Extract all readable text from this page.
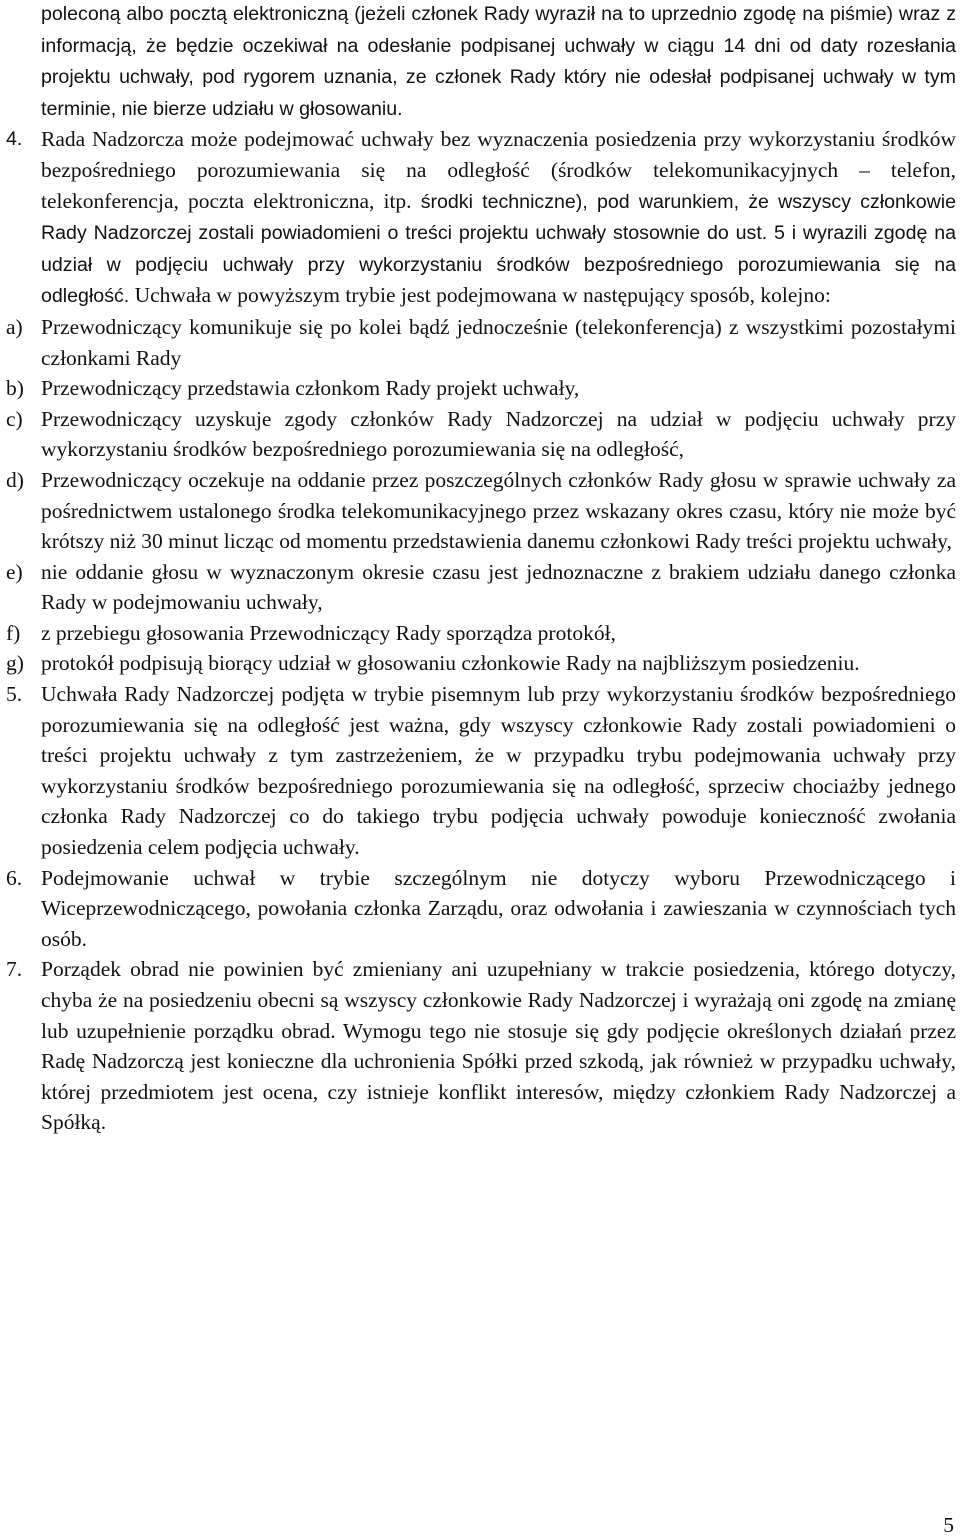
poleconą albo pocztą elektroniczną (jeżeli członek Rady wyraził na to uprzednio zgodę na piśmie) wraz z informacją, że będzie oczekiwał na odesłanie podpisanej uchwały w ciągu 14 dni od daty rozesłania projektu uchwały, pod rygorem uznania, ze członek Rady który nie odesłał podpisanej uchwały w tym terminie, nie bierze udziału w głosowaniu.

4. Rada Nadzorcza może podejmować uchwały bez wyznaczenia posiedzenia przy wykorzystaniu środków bezpośredniego porozumiewania się na odległość (środków telekomunikacyjnych – telefon, telekonferencja, poczta elektroniczna, itp. środki techniczne), pod warunkiem, że wszyscy członkowie Rady Nadzorczej zostali powiadomieni o treści projektu uchwały stosownie do ust. 5 i wyrazili zgodę na udział w podjęciu uchwały przy wykorzystaniu środków bezpośredniego porozumiewania się na odległość. Uchwała w powyższym trybie jest podejmowana w następujący sposób, kolejno:
a) Przewodniczący komunikuje się po kolei bądź jednocześnie (telekonferencja) z wszystkimi pozostałymi członkami Rady
b) Przewodniczący przedstawia członkom Rady projekt uchwały,
c) Przewodniczący uzyskuje zgody członków Rady Nadzorczej na udział w podjęciu uchwały przy wykorzystaniu środków bezpośredniego porozumiewania się na odległość,
d) Przewodniczący oczekuje na oddanie przez poszczególnych członków Rady głosu w sprawie uchwały za pośrednictwem ustalonego środka telekomunikacyjnego przez wskazany okres czasu, który nie może być krótszy niż 30 minut licząc od momentu przedstawienia danemu członkowi Rady treści projektu uchwały,
e) nie oddanie głosu w wyznaczonym okresie czasu jest jednoznaczne z brakiem udziału danego członka Rady w podejmowaniu uchwały,
f) z przebiegu głosowania Przewodniczący Rady sporządza protokół,
g) protokół podpisują biorący udział w głosowaniu członkowie Rady na najbliższym posiedzeniu.
5. Uchwała Rady Nadzorczej podjęta w trybie pisemnym lub przy wykorzystaniu środków bezpośredniego porozumiewania się na odległość jest ważna, gdy wszyscy członkowie Rady zostali powiadomieni o treści projektu uchwały z tym zastrzeżeniem, że w przypadku trybu podejmowania uchwały przy wykorzystaniu środków bezpośredniego porozumiewania się na odległość, sprzeciw chociażby jednego członka Rady Nadzorczej co do takiego trybu podjęcia uchwały powoduje konieczność zwołania posiedzenia celem podjęcia uchwały.
6. Podejmowanie uchwał w trybie szczególnym nie dotyczy wyboru Przewodniczącego i Wiceprzewodniczącego, powołania członka Zarządu, oraz odwołania i zawieszania w czynnościach tych osób.
7. Porządek obrad nie powinien być zmieniany ani uzupełniany w trakcie posiedzenia, którego dotyczy, chyba że na posiedzeniu obecni są wszyscy członkowie Rady Nadzorczej i wyrażają oni zgodę na zmianę lub uzupełnienie porządku obrad. Wymogu tego nie stosuje się gdy podjęcie określonych działań przez Radę Nadzorczą jest konieczne dla uchronienia Spółki przed szkodą, jak również w przypadku uchwały, której przedmiotem jest ocena, czy istnieje konflikt interesów, między członkiem Rady Nadzorczej a Spółką.
5
